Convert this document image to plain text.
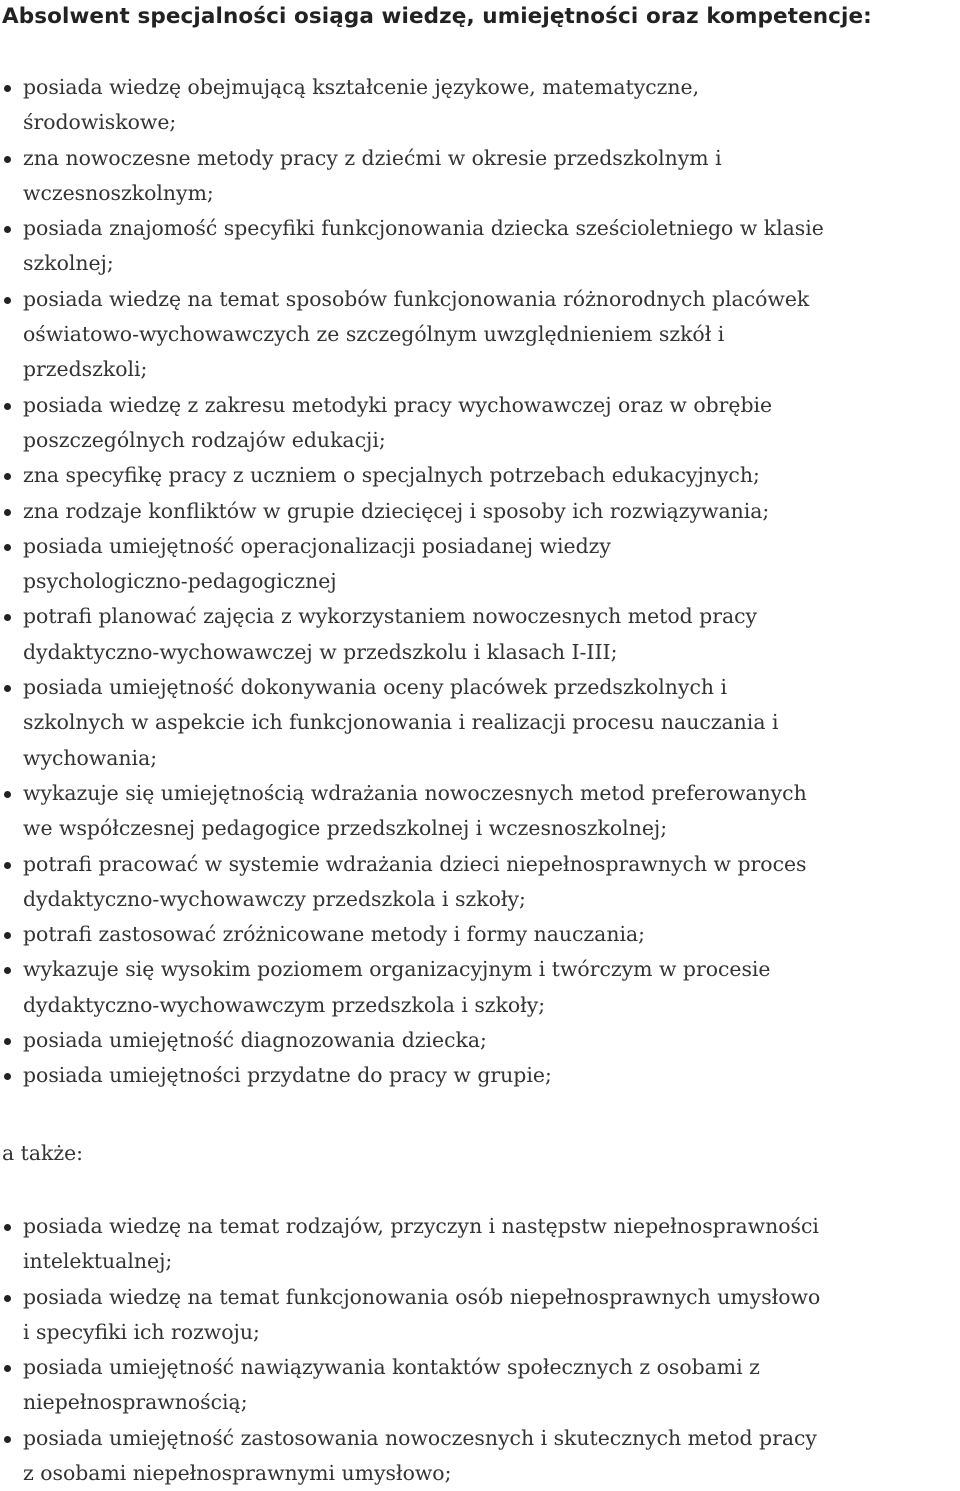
Absolwent specjalności osiąga wiedzę, umiejętności oraz kompetencje:
posiada wiedzę obejmującą kształcenie językowe, matematyczne,
środowiskowe;
zna nowoczesne metody pracy z dziećmi w okresie przedszkolnym i
wczesnoszkolnym;
posiada znajomość specyfiki funkcjonowania dziecka sześcioletniego w klasie
szkolnej;
posiada wiedzę na temat sposobów funkcjonowania różnorodnych placówek
oświatowo-wychowawczych ze szczególnym uwzględnieniem szkół i
przedszkoli;
posiada wiedzę z zakresu metodyki pracy wychowawczej oraz w obrębie
poszczególnych rodzajów edukacji;
zna specyfikę pracy z uczniem o specjalnych potrzebach edukacyjnych;
zna rodzaje konfliktów w grupie dziecięcej i sposoby ich rozwiązywania;
posiada umiejętność operacjonalizacji posiadanej wiedzy
psychologiczno-pedagogicznej
potrafi planować zajęcia z wykorzystaniem nowoczesnych metod pracy
dydaktyczno-wychowawczej w przedszkolu i klasach I-III;
posiada umiejętność dokonywania oceny placówek przedszkolnych i
szkolnych w aspekcie ich funkcjonowania i realizacji procesu nauczania i
wychowania;
wykazuje się umiejętnością wdrażania nowoczesnych metod preferowanych
we współczesnej pedagogice przedszkolnej i wczesnoszkolnej;
potrafi pracować w systemie wdrażania dzieci niepełnosprawnych w proces
dydaktyczno-wychowawczy przedszkola i szkoły;
potrafi zastosować zróżnicowane metody i formy nauczania;
wykazuje się wysokim poziomem organizacyjnym i twórczym w procesie
dydaktyczno-wychowawczym przedszkola i szkoły;
posiada umiejętność diagnozowania dziecka;
posiada umiejętności przydatne do pracy w grupie;

a także:

posiada wiedzę na temat rodzajów, przyczyn i następstw niepełnosprawności
intelektualnej;
posiada wiedzę na temat funkcjonowania osób niepełnosprawnych umysłowo
i specyfiki ich rozwoju;
posiada umiejętność nawiązywania kontaktów społecznych z osobami z
niepełnosprawnością;
posiada umiejętność zastosowania nowoczesnych i skutecznych metod pracy
z osobami niepełnosprawnymi umysłowo;
